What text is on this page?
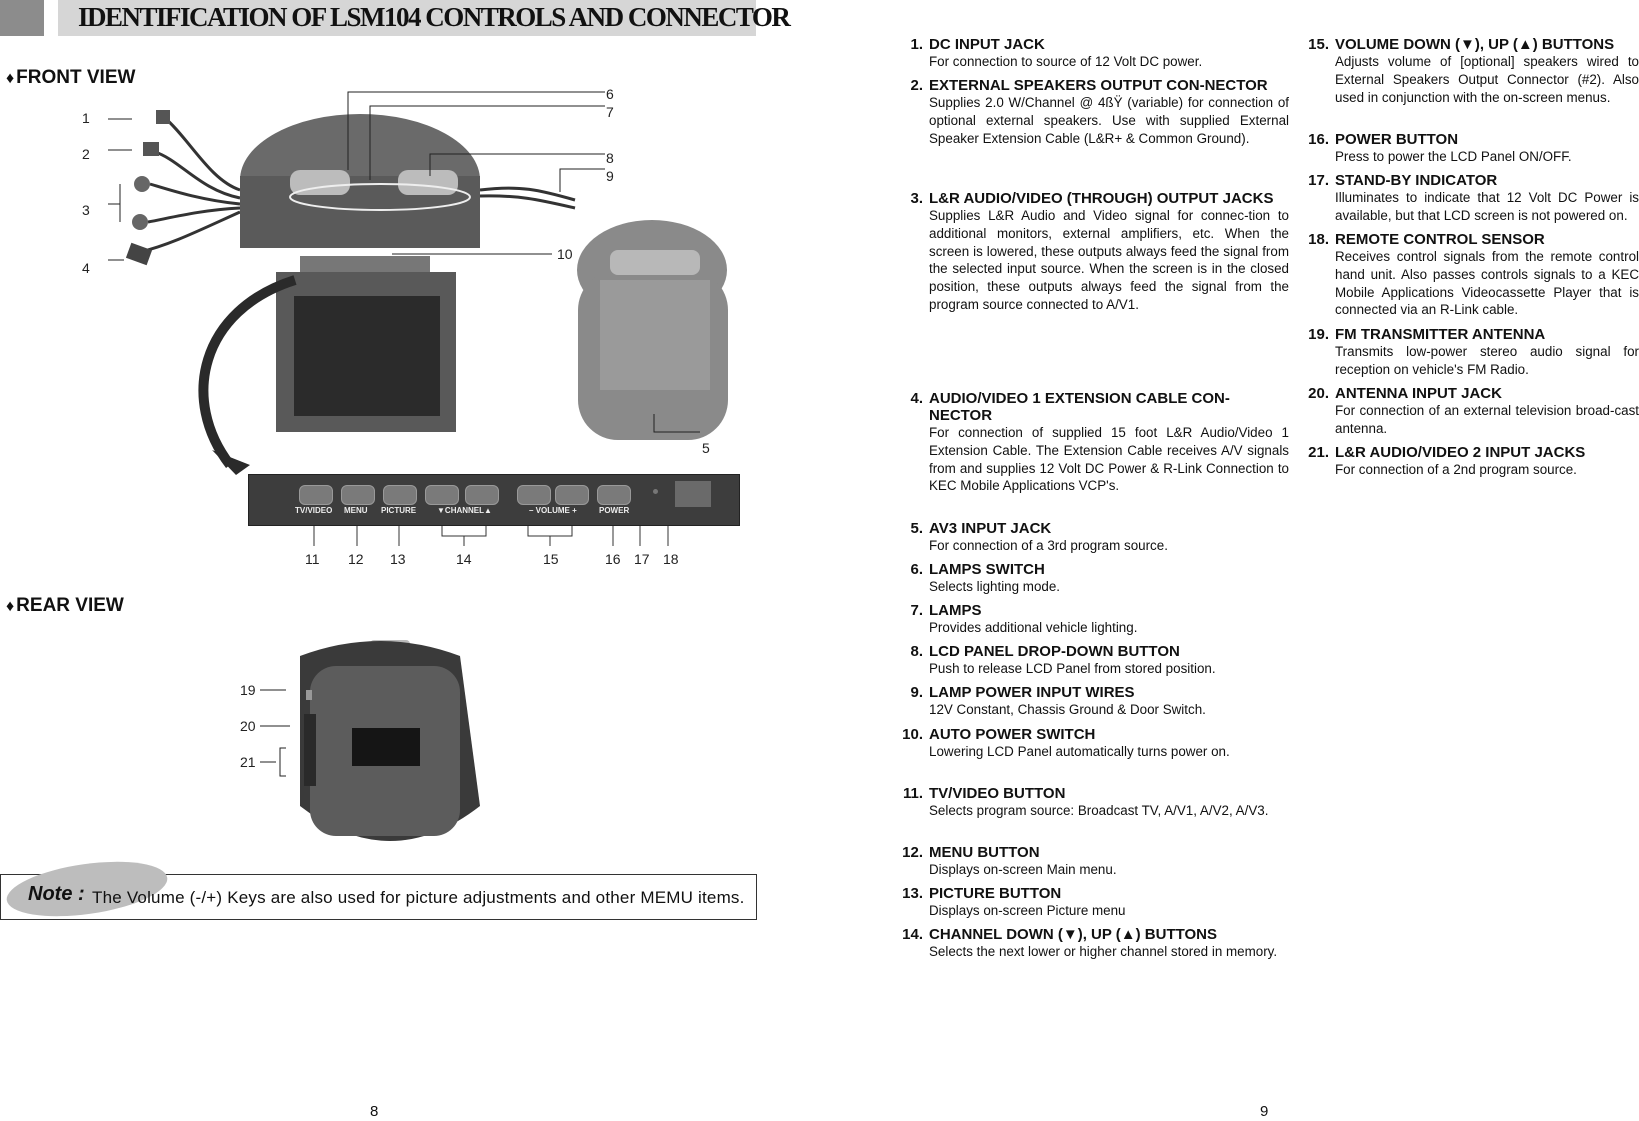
IDENTIFICATION OF LSM104 CONTROLS AND CONNECTOR
♦ FRONT VIEW
1
2
3
4
6
7
8
9
10
5
TV/VIDEO MENU PICTURE	▼CHANNEL▲	– VOLUME +	POWER
11 12 13	14	15	16 17 18
♦ REAR VIEW
19
20
21
Note : The Volume (-/+) Keys are also used for picture adjustments and other MEMU items.
8
1. DC INPUT JACK
For connection to source of 12 Volt DC power.
2. EXTERNAL SPEAKERS OUTPUT CON-NECTOR
Supplies 2.0 W/Channel @ 4ßŸ (variable) for connection of optional external speakers. Use with supplied External Speaker Extension Cable (L&R+ & Common Ground).
3. L&R AUDIO/VIDEO (THROUGH) OUTPUT JACKS
Supplies L&R Audio and Video signal for connec-tion to additional monitors, external amplifiers, etc. When the screen is lowered, these outputs always feed the signal from the selected input source. When the screen is in the closed position, these outputs always feed the signal from the program source connected to A/V1.
4. AUDIO/VIDEO 1 EXTENSION CABLE CON-NECTOR
For connection of supplied 15 foot L&R Audio/Video 1 Extension Cable. The Extension Cable receives A/V signals from and supplies 12 Volt DC Power & R-Link Connection to KEC Mobile Applications VCP's.
5. AV3 INPUT JACK
For connection of a 3rd program source.
6. LAMPS SWITCH
Selects lighting mode.
7. LAMPS
Provides additional vehicle lighting.
8. LCD PANEL DROP-DOWN BUTTON
Push to release LCD Panel from stored position.
9. LAMP POWER INPUT WIRES
12V Constant, Chassis Ground & Door Switch.
10. AUTO POWER SWITCH
Lowering LCD Panel automatically turns power on.
11. TV/VIDEO BUTTON
Selects program source: Broadcast TV, A/V1, A/V2, A/V3.
12. MENU BUTTON
Displays on-screen Main menu.
13. PICTURE BUTTON
Displays on-screen Picture menu
14. CHANNEL DOWN (▼), UP (▲) BUTTONS
Selects the next lower or higher channel stored in memory.
15. VOLUME DOWN (▼), UP (▲) BUTTONS
Adjusts volume of [optional] speakers wired to External Speakers Output Connector (#2). Also used in conjunction with the on-screen menus.
16. POWER BUTTON
Press to power the LCD Panel ON/OFF.
17. STAND-BY INDICATOR
Illuminates to indicate that 12 Volt DC Power is available, but that LCD screen is not powered on.
18. REMOTE CONTROL SENSOR
Receives control signals from the remote control hand unit. Also passes controls signals to a KEC Mobile Applications Videocassette Player that is connected via an R-Link cable.
19. FM TRANSMITTER ANTENNA
Transmits low-power stereo audio signal for reception on vehicle's FM Radio.
20. ANTENNA INPUT JACK
For connection of an external television broad-cast antenna.
21. L&R AUDIO/VIDEO 2 INPUT JACKS
For connection of a 2nd program source.
9
